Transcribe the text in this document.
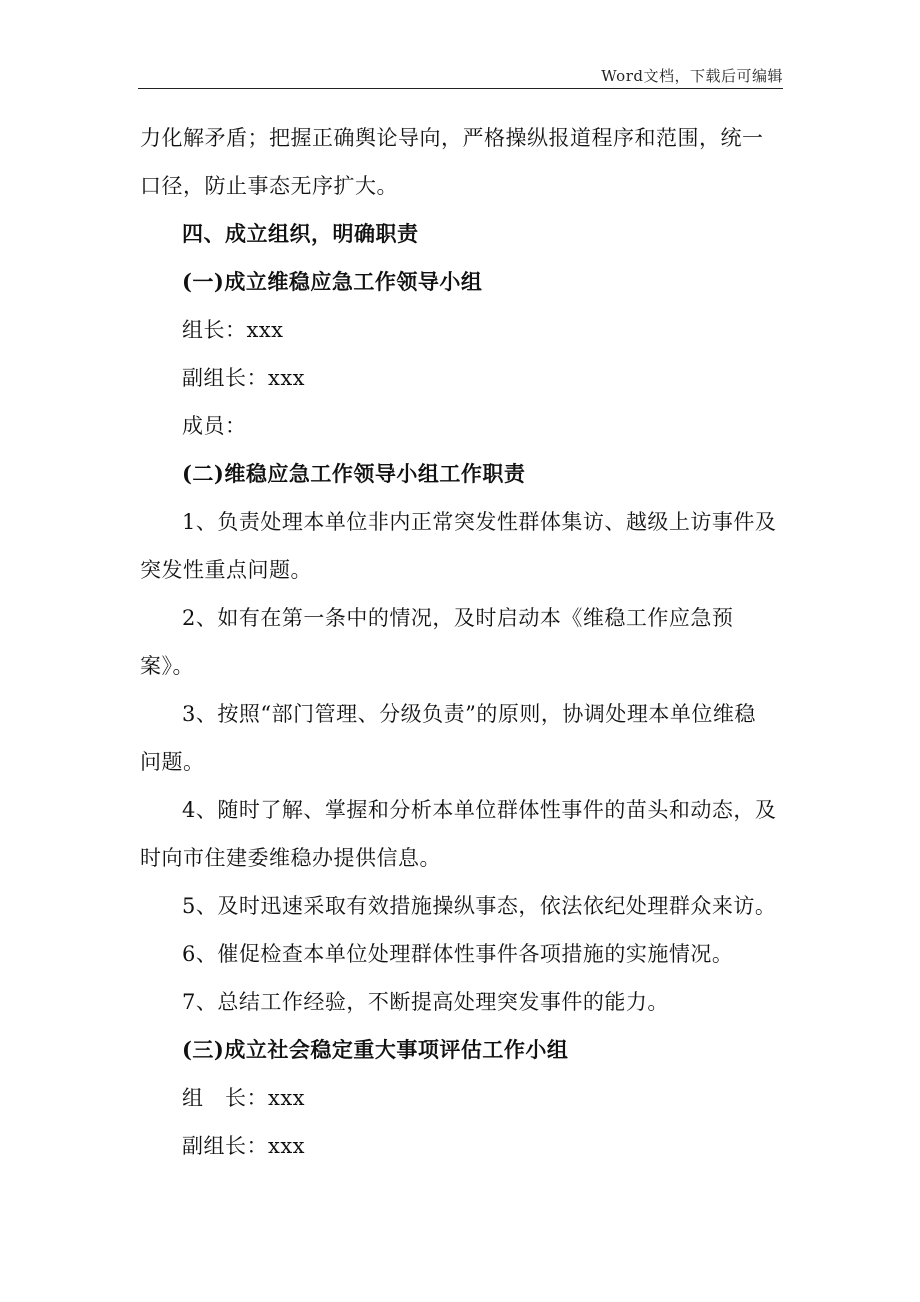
Word文档，下载后可编辑
力化解矛盾；把握正确舆论导向，严格操纵报道程序和范围，统一
口径，防止事态无序扩大。
四、成立组织，明确职责
(一)成立维稳应急工作领导小组
组长：xxx
副组长：xxx
成员：
(二)维稳应急工作领导小组工作职责
1、负责处理本单位非内正常突发性群体集访、越级上访事件及
突发性重点问题。
2、如有在第一条中的情况，及时启动本《维稳工作应急预
案》。
3、按照“部门管理、分级负责”的原则，协调处理本单位维稳
问题。
4、随时了解、掌握和分析本单位群体性事件的苗头和动态，及
时向市住建委维稳办提供信息。
5、及时迅速采取有效措施操纵事态，依法依纪处理群众来访。
6、催促检查本单位处理群体性事件各项措施的实施情况。
7、总结工作经验，不断提高处理突发事件的能力。
(三)成立社会稳定重大事项评估工作小组
组　长：xxx
副组长：xxx
